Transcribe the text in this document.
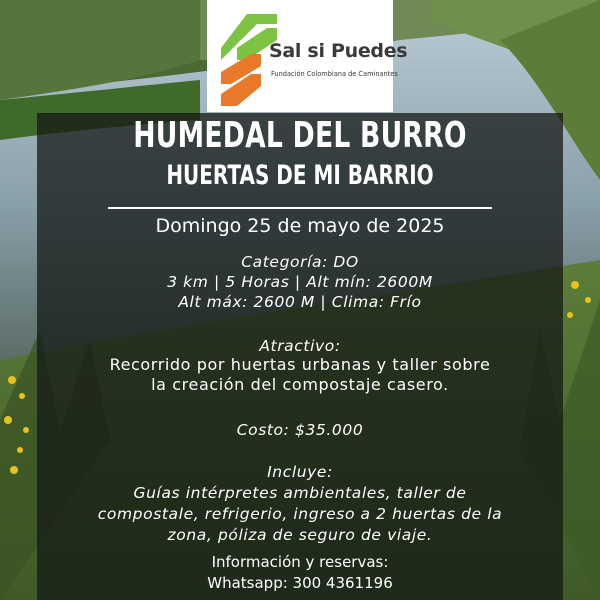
Sal si Puedes
Fundación Colombiana de Caminantes
HUMEDAL DEL BURRO
HUERTAS DE MI BARRIO
Domingo 25 de mayo de 2025
Categoría: DO
3 km | 5 Horas | Alt mín: 2600M
Alt máx: 2600 M | Clima: Frío
Atractivo:
Recorrido por huertas urbanas y taller sobre
la creación del compostaje casero.
Costo: $35.000
Incluye:
Guías intérpretes ambientales, taller de
compostale, refrigerio, ingreso a 2 huertas de la
zona, póliza de seguro de viaje.
Información y reservas:
Whatsapp: 300 4361196
